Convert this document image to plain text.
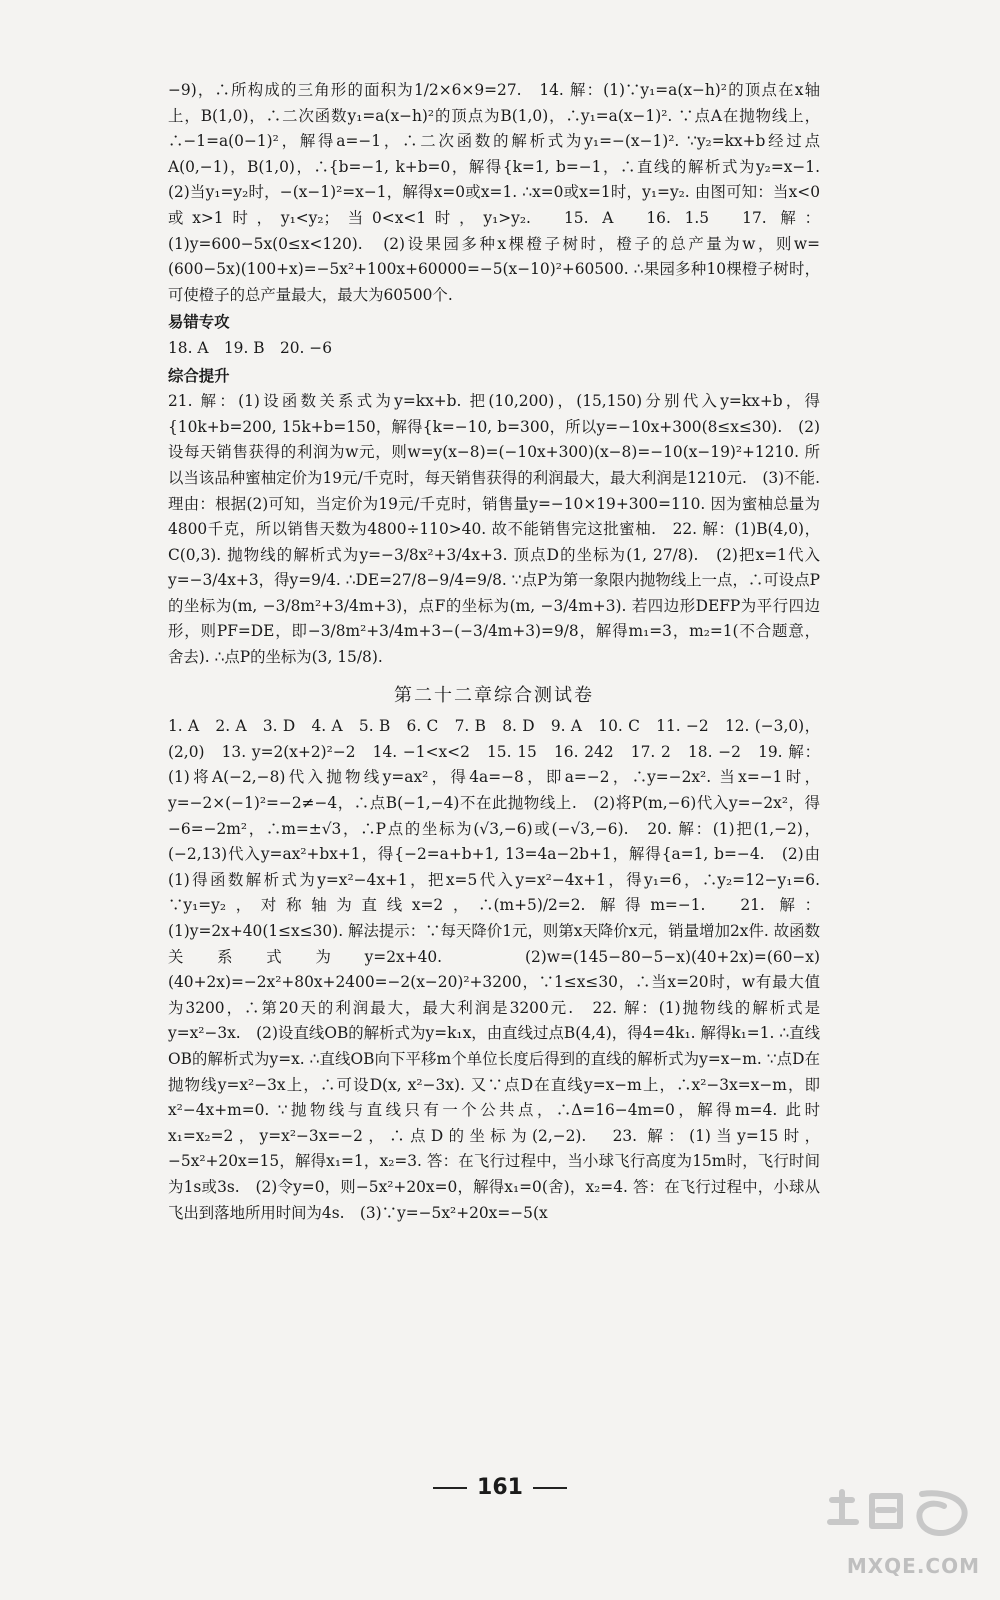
−9)，∴所构成的三角形的面积为1/2×6×9=27.　14. 解：(1)∵y₁=a(x−h)²的顶点在x轴上，B(1,0)，∴二次函数y₁=a(x−h)²的顶点为B(1,0)，∴y₁=a(x−1)². ∵点A在抛物线上，∴−1=a(0−1)²，解得a=−1，∴二次函数的解析式为y₁=−(x−1)². ∵y₂=kx+b经过点A(0,−1)，B(1,0)，∴{b=−1, k+b=0，解得{k=1, b=−1，∴直线的解析式为y₂=x−1.　(2)当y₁=y₂时，−(x−1)²=x−1，解得x=0或x=1. ∴x=0或x=1时，y₁=y₂. 由图可知：当x<0或x>1时，y₁<y₂；当0<x<1时，y₁>y₂.　15. A　16. 1.5　17. 解：(1)y=600−5x(0≤x<120).　(2)设果园多种x棵橙子树时，橙子的总产量为w，则w=(600−5x)(100+x)=−5x²+100x+60000=−5(x−10)²+60500. ∴果园多种10棵橙子树时，可使橙子的总产量最大，最大为60500个.

易错专攻

18. A　19. B　20. −6

综合提升

21. 解：(1)设函数关系式为y=kx+b. 把(10,200)，(15,150)分别代入y=kx+b，得{10k+b=200, 15k+b=150，解得{k=−10, b=300，所以y=−10x+300(8≤x≤30).　(2)设每天销售获得的利润为w元，则w=y(x−8)=(−10x+300)(x−8)=−10(x−19)²+1210. 所以当该品种蜜柚定价为19元/千克时，每天销售获得的利润最大，最大利润是1210元.　(3)不能. 理由：根据(2)可知，当定价为19元/千克时，销售量y=−10×19+300=110. 因为蜜柚总量为4800千克，所以销售天数为4800÷110>40. 故不能销售完这批蜜柚.　22. 解：(1)B(4,0)，C(0,3). 抛物线的解析式为y=−3/8x²+3/4x+3. 顶点D的坐标为(1, 27/8).　(2)把x=1代入y=−3/4x+3，得y=9/4. ∴DE=27/8−9/4=9/8. ∵点P为第一象限内抛物线上一点，∴可设点P的坐标为(m, −3/8m²+3/4m+3)，点F的坐标为(m, −3/4m+3). 若四边形DEFP为平行四边形，则PF=DE，即−3/8m²+3/4m+3−(−3/4m+3)=9/8，解得m₁=3，m₂=1(不合题意，舍去). ∴点P的坐标为(3, 15/8).

第二十二章综合测试卷

1. A　2. A　3. D　4. A　5. B　6. C　7. B　8. D　9. A　10. C　11. −2　12. (−3,0)，(2,0)　13. y=2(x+2)²−2　14. −1<x<2　15. 15　16. 242　17. 2　18. −2　19. 解：(1)将A(−2,−8)代入抛物线y=ax²，得4a=−8，即a=−2，∴y=−2x². 当x=−1时，y=−2×(−1)²=−2≠−4，∴点B(−1,−4)不在此抛物线上.　(2)将P(m,−6)代入y=−2x²，得−6=−2m²，∴m=±√3，∴P点的坐标为(√3,−6)或(−√3,−6).　20. 解：(1)把(1,−2)，(−2,13)代入y=ax²+bx+1，得{−2=a+b+1, 13=4a−2b+1，解得{a=1, b=−4.　(2)由(1)得函数解析式为y=x²−4x+1，把x=5代入y=x²−4x+1，得y₁=6，∴y₂=12−y₁=6. ∵y₁=y₂，对称轴为直线x=2，∴(m+5)/2=2. 解得m=−1.　21. 解：(1)y=2x+40(1≤x≤30). 解法提示：∵每天降价1元，则第x天降价x元，销量增加2x件. 故函数关系式为y=2x+40.　(2)w=(145−80−5−x)(40+2x)=(60−x)(40+2x)=−2x²+80x+2400=−2(x−20)²+3200，∵1≤x≤30，∴当x=20时，w有最大值为3200，∴第20天的利润最大，最大利润是3200元.　22. 解：(1)抛物线的解析式是y=x²−3x.　(2)设直线OB的解析式为y=k₁x，由直线过点B(4,4)，得4=4k₁. 解得k₁=1. ∴直线OB的解析式为y=x. ∴直线OB向下平移m个单位长度后得到的直线的解析式为y=x−m. ∵点D在抛物线y=x²−3x上，∴可设D(x, x²−3x). 又∵点D在直线y=x−m上，∴x²−3x=x−m，即x²−4x+m=0. ∵抛物线与直线只有一个公共点，∴Δ=16−4m=0，解得m=4. 此时x₁=x₂=2，y=x²−3x=−2，∴点D的坐标为(2,−2).　23. 解：(1)当y=15时，−5x²+20x=15，解得x₁=1，x₂=3. 答：在飞行过程中，当小球飞行高度为15m时，飞行时间为1s或3s.　(2)令y=0，则−5x²+20x=0，解得x₁=0(舍)，x₂=4. 答：在飞行过程中，小球从飞出到落地所用时间为4s.　(3)∵y=−5x²+20x=−5(x

161
MXQE.COM
